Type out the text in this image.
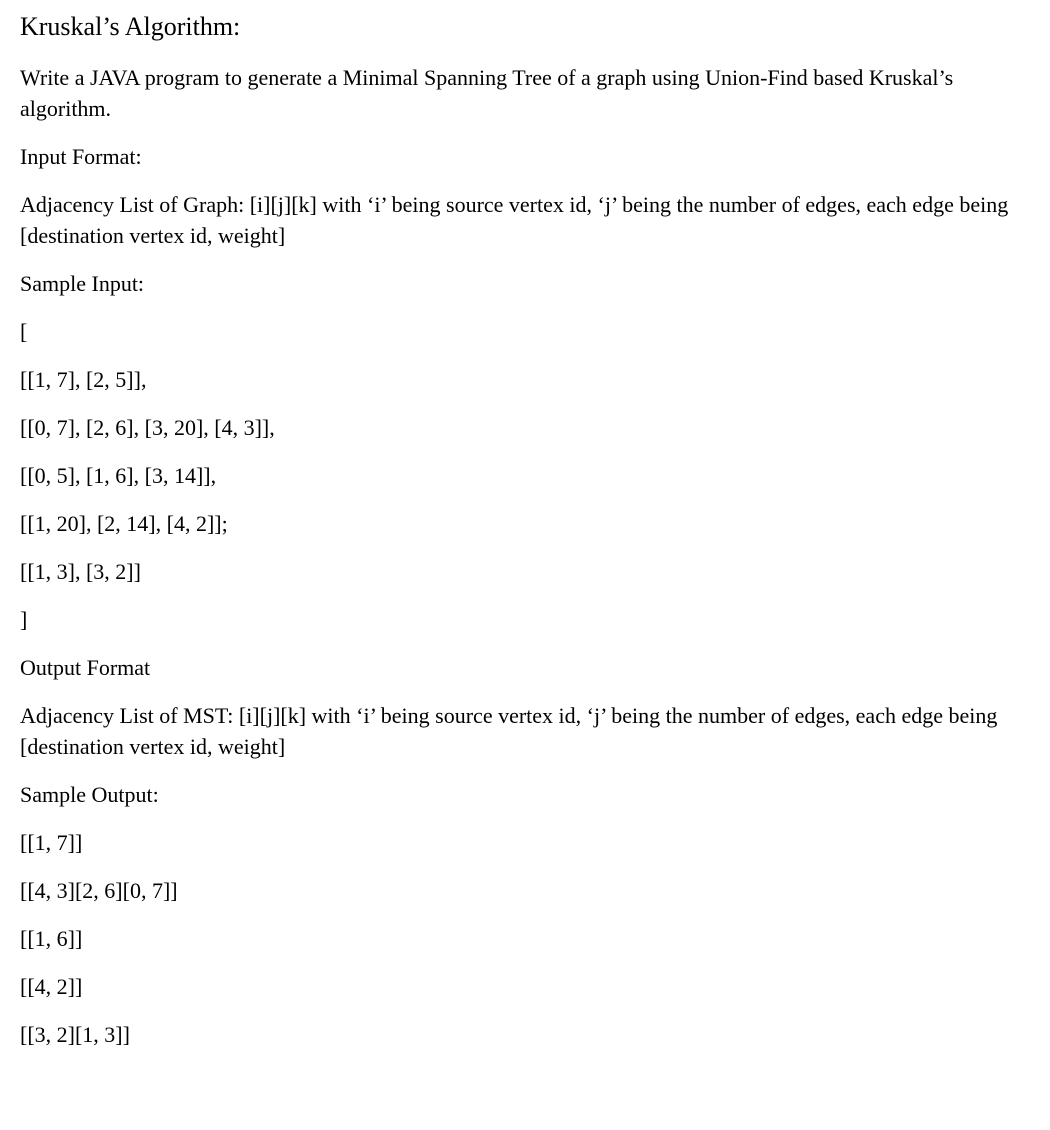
Kruskal’s Algorithm:
Write a JAVA program to generate a Minimal Spanning Tree of a graph using Union-Find based Kruskal’s algorithm.
Input Format:
Adjacency List of Graph: [i][j][k] with ‘i’ being source vertex id, ‘j’ being the number of edges, each edge being [destination vertex id, weight]
Sample Input:
[
[[1, 7], [2, 5]],
[[0, 7], [2, 6], [3, 20], [4, 3]],
[[0, 5], [1, 6], [3, 14]],
[[1, 20], [2, 14], [4, 2]];
[[1, 3], [3, 2]]
]
Output Format
Adjacency List of MST: [i][j][k] with ‘i’ being source vertex id, ‘j’ being the number of edges, each edge being [destination vertex id, weight]
Sample Output:
[[1, 7]]
[[4, 3][2, 6][0, 7]]
[[1, 6]]
[[4, 2]]
[[3, 2][1, 3]]
